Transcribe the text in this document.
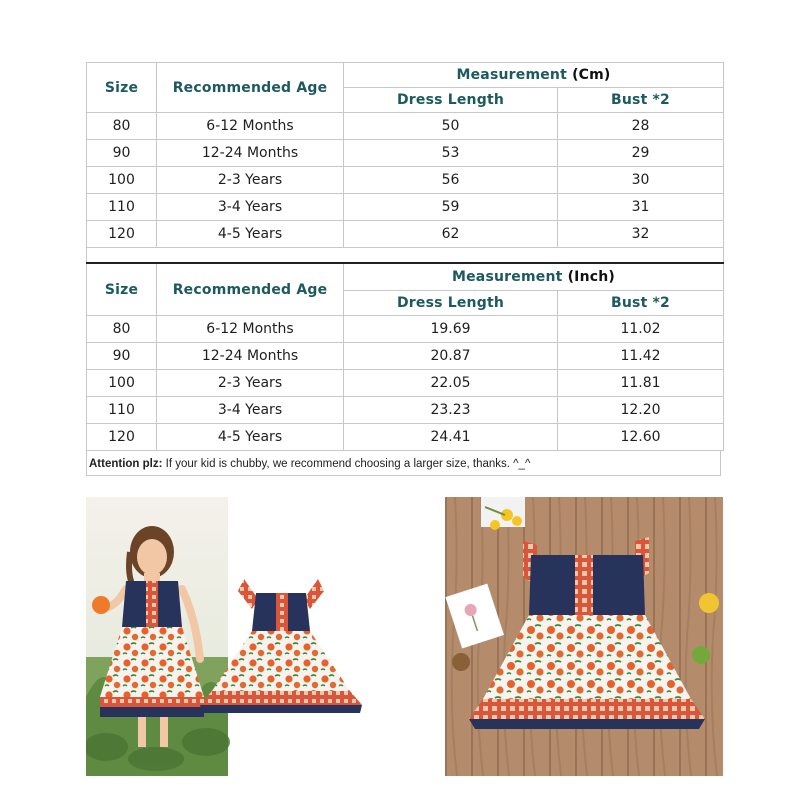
Size	Recommended Age	Measurement (Cm)	
		Dress Length	Bust *2
80	6-12 Months	50	28
90	12-24 Months	53	29
100	2-3 Years	56	30
110	3-4 Years	59	31
120	4-5 Years	62	32

Size	Recommended Age	Measurement (Inch)	
		Dress Length	Bust *2
80	6-12 Months	19.69	11.02
90	12-24 Months	20.87	11.42
100	2-3 Years	22.05	11.81
110	3-4 Years	23.23	12.20
120	4-5 Years	24.41	12.60
Attention plz: If your kid is chubby, we recommend choosing a larger size, thanks. ^_^
